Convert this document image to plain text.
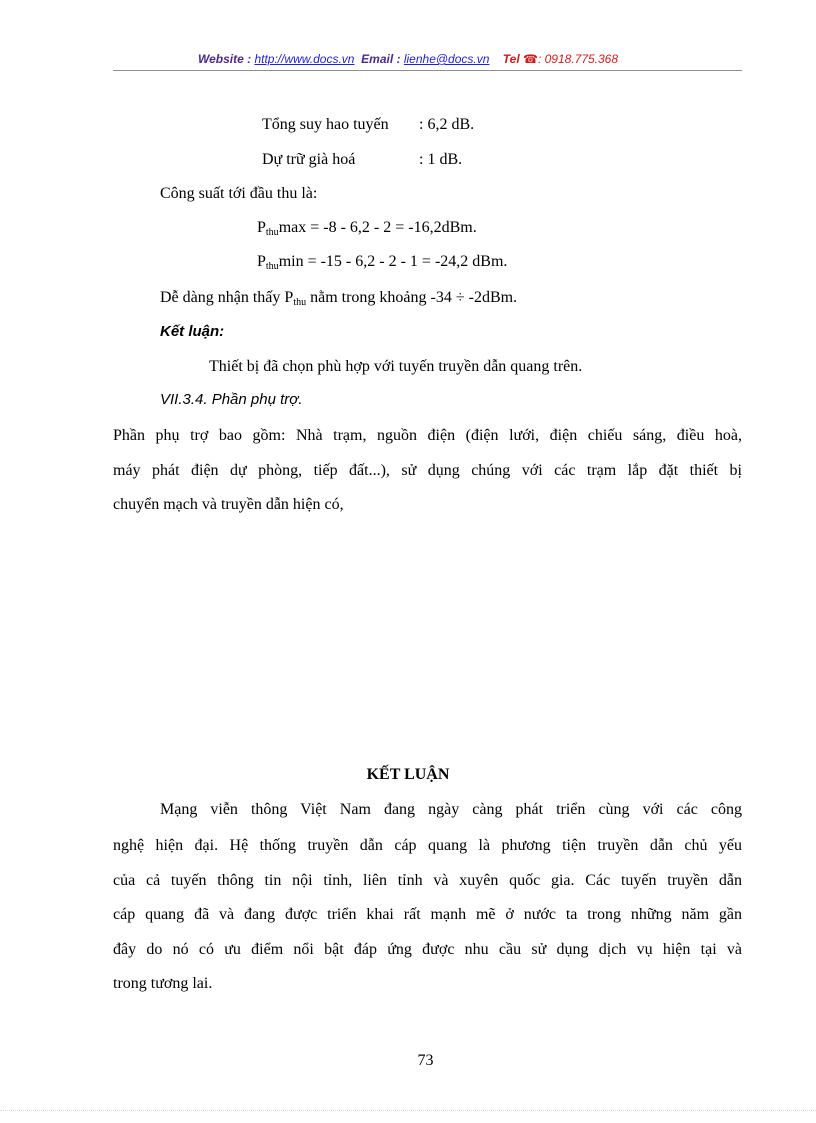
Website : http://www.docs.vn Email : lienhe@docs.vn Tel ☎: 0918.775.368
Tổng suy hao tuyến : 6,2 dB.
Dự trữ già hoá	: 1 dB.
Công suất tới đầu thu là:
$P_{thu}\max = -8 - 6,2 - 2 = -16,2dBm$.
$P_{thu}\min = -15 - 6,2 - 2 - 1 = -24,2$ dBm.
Dễ dàng nhận thấy $P_{thu}$ nằm trong khoảng -34 ÷ -2dBm.
Kết luận:
Thiết bị đã chọn phù hợp với tuyến truyền dẫn quang trên.
VII.3.4. Phần phụ trợ.
Phần phụ trợ bao gồm: Nhà trạm, nguồn điện (điện lưới, điện chiếu sáng, điều hoà,
máy phát điện dự phòng, tiếp đất...), sử dụng chúng với các trạm lắp đặt thiết bị
chuyển mạch và truyền dẫn hiện có,
KẾT LUẬN
Mạng viễn thông Việt Nam đang ngày càng phát triển cùng với các công
nghệ hiện đại. Hệ thống truyền dẫn cáp quang là phương tiện truyền dẫn chủ yếu
của cả tuyến thông tin nội tỉnh, liên tỉnh và xuyên quốc gia. Các tuyến truyền dẫn
cáp quang đã và đang được triển khai rất mạnh mẽ ở nước ta trong những năm gần
đây do nó có ưu điểm nổi bật đáp ứng được nhu cầu sử dụng dịch vụ hiện tại và
trong tương lai.
73
